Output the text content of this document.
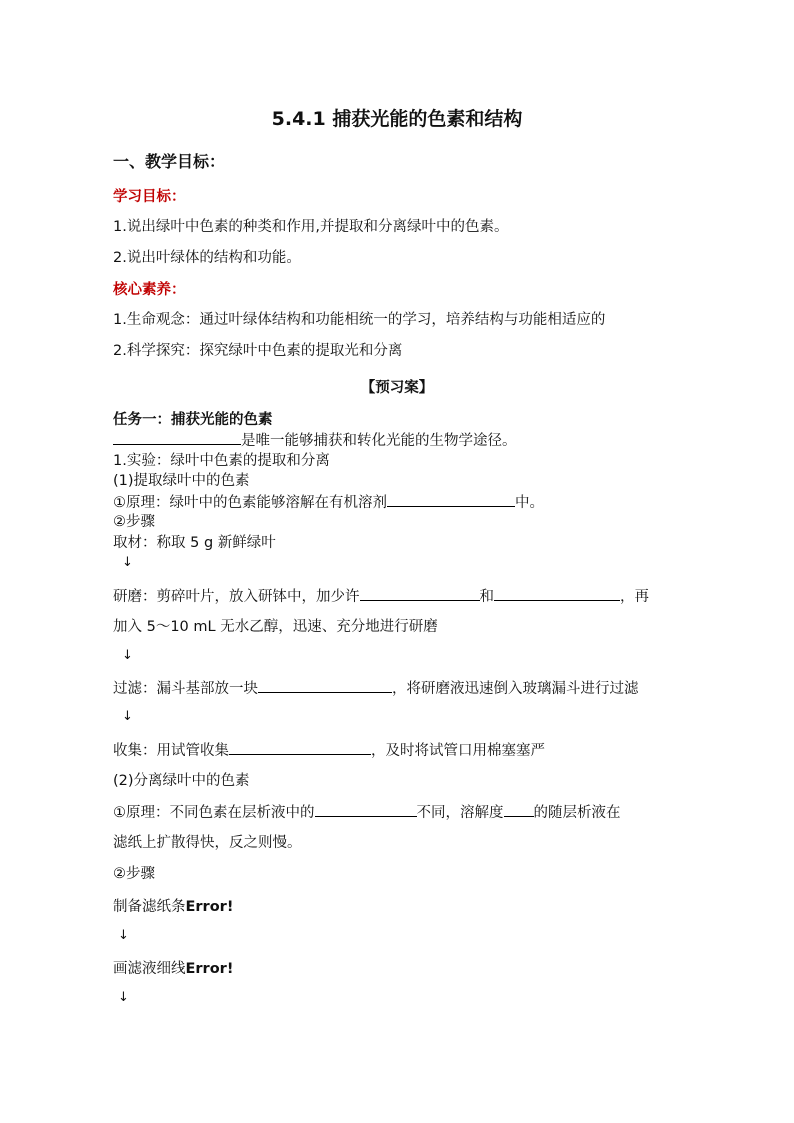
5.4.1 捕获光能的色素和结构
一、教学目标：
学习目标：
1.说出绿叶中色素的种类和作用,并提取和分离绿叶中的色素。
2.说出叶绿体的结构和功能。
核心素养：
1.生命观念：通过叶绿体结构和功能相统一的学习，培养结构与功能相适应的
2.科学探究：探究绿叶中色素的提取光和分离
【预习案】
任务一：捕获光能的色素
是唯一能够捕获和转化光能的生物学途径。
1.实验：绿叶中色素的提取和分离
(1)提取绿叶中的色素
①原理：绿叶中的色素能够溶解在有机溶剂	中。
②步骤
取材：称取 5 g 新鲜绿叶
↓
研磨：剪碎叶片，放入研钵中，加少许	和	，再
加入 5～10 mL 无水乙醇，迅速、充分地进行研磨
↓
过滤：漏斗基部放一块	，将研磨液迅速倒入玻璃漏斗进行过滤
↓
收集：用试管收集	，及时将试管口用棉塞塞严
(2)分离绿叶中的色素
①原理：不同色素在层析液中的	不同，溶解度 的随层析液在
滤纸上扩散得快，反之则慢。
②步骤
制备滤纸条Error!
↓
画滤液细线Error!
↓
